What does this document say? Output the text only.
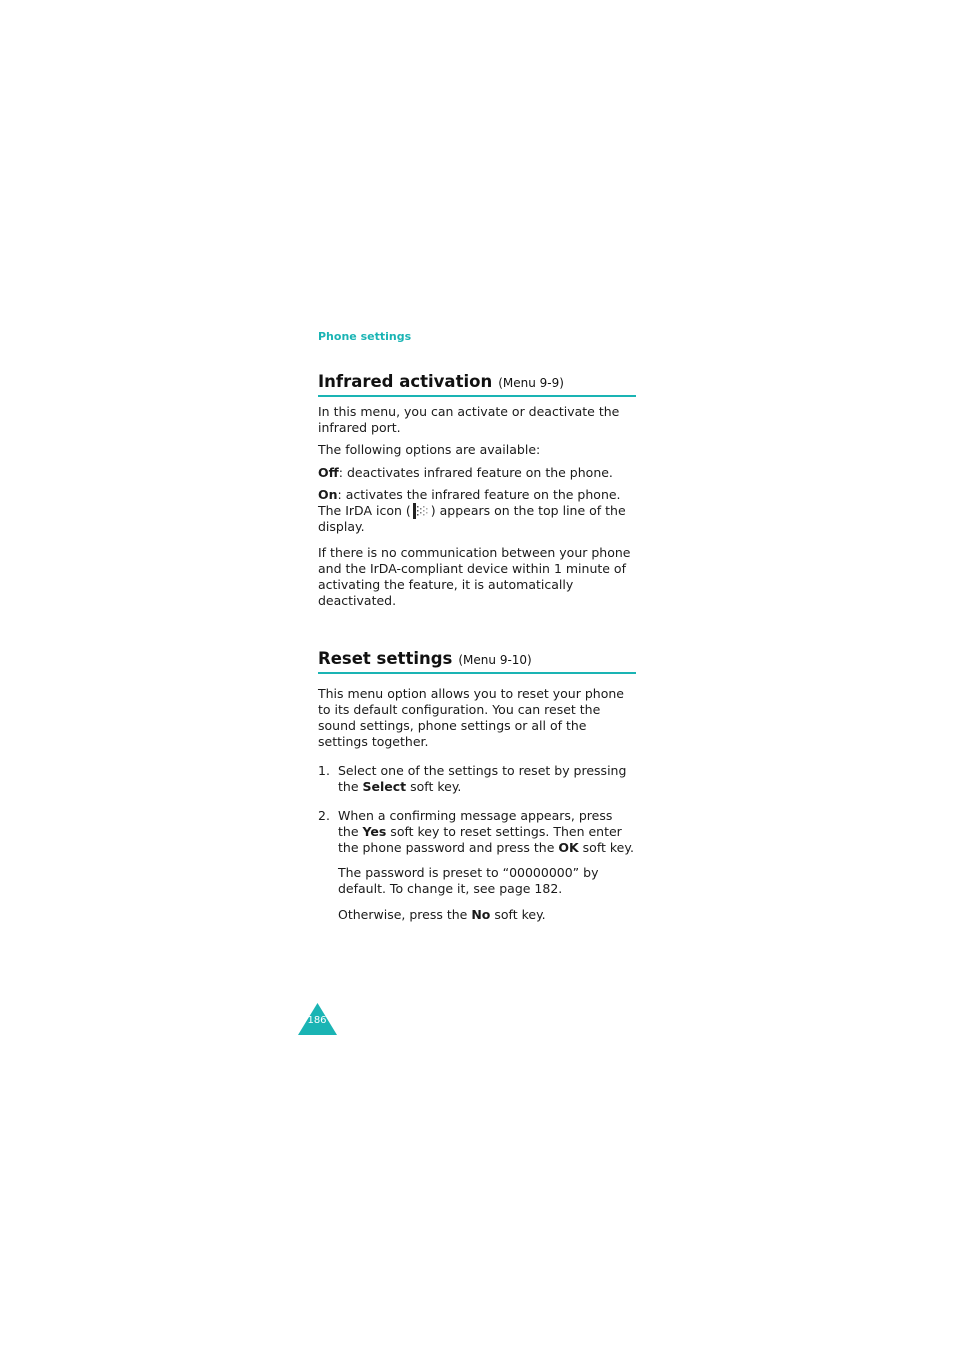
Phone settings
Infrared activation (Menu 9-9)
In this menu, you can activate or deactivate the infrared port.
The following options are available:
Off: deactivates infrared feature on the phone.
On: activates the infrared feature on the phone. The IrDA icon ( ) appears on the top line of the display.
If there is no communication between your phone and the IrDA-compliant device within 1 minute of activating the feature, it is automatically deactivated.
Reset settings (Menu 9-10)
This menu option allows you to reset your phone to its default configuration. You can reset the sound settings, phone settings or all of the settings together.
1. Select one of the settings to reset by pressing the Select soft key.
2. When a confirming message appears, press the Yes soft key to reset settings. Then enter the phone password and press the OK soft key.
The password is preset to “00000000” by default. To change it, see page 182.
Otherwise, press the No soft key.
186
